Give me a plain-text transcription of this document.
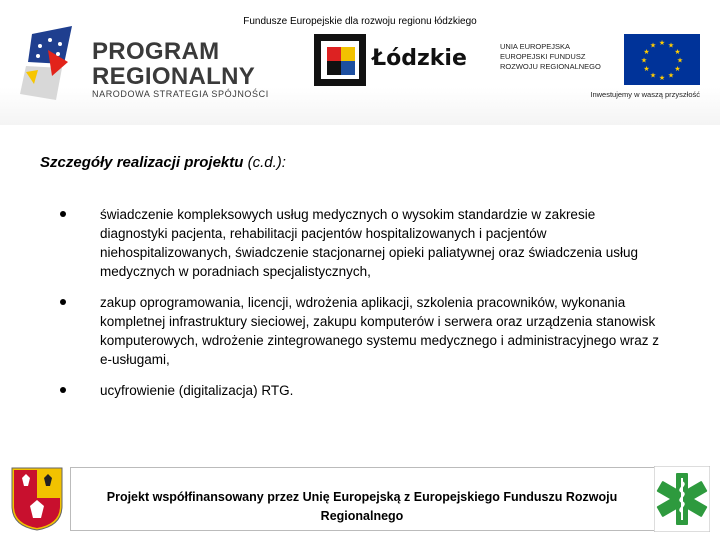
Fundusze Europejskie dla rozwoju regionu łódzkiego
PROGRAM
REGIONALNY
NARODOWA STRATEGIA SPÓJNOŚCI
Łódzkie	UNIA EUROPEJSKA
EUROPEJSKI FUNDUSZ
ROZWOJU REGIONALNEGO
★ ★
★
★
★
★
★
★
★
★
★
★
Inwestujemy w waszą przyszłość
Szczegóły realizacji projektu (c.d.):
świadczenie kompleksowych usług medycznych o wysokim standardzie w zakresie diagnostyki pacjenta, rehabilitacji pacjentów hospitalizowanych i pacjentów niehospitalizowanych, świadczenie stacjonarnej opieki paliatywnej oraz świadczenia usług medycznych w poradniach specjalistycznych,
zakup oprogramowania, licencji, wdrożenia aplikacji, szkolenia pracowników, wykonania kompletnej infrastruktury sieciowej, zakupu komputerów i serwera oraz urządzenia stanowisk komputerowych, wdrożenie zintegrowanego systemu medycznego i administracyjnego wraz z e-usługami,
ucyfrowienie (digitalizacja) RTG.
Projekt współfinansowany przez Unię Europejską z Europejskiego Funduszu Rozwoju
Regionalnego
